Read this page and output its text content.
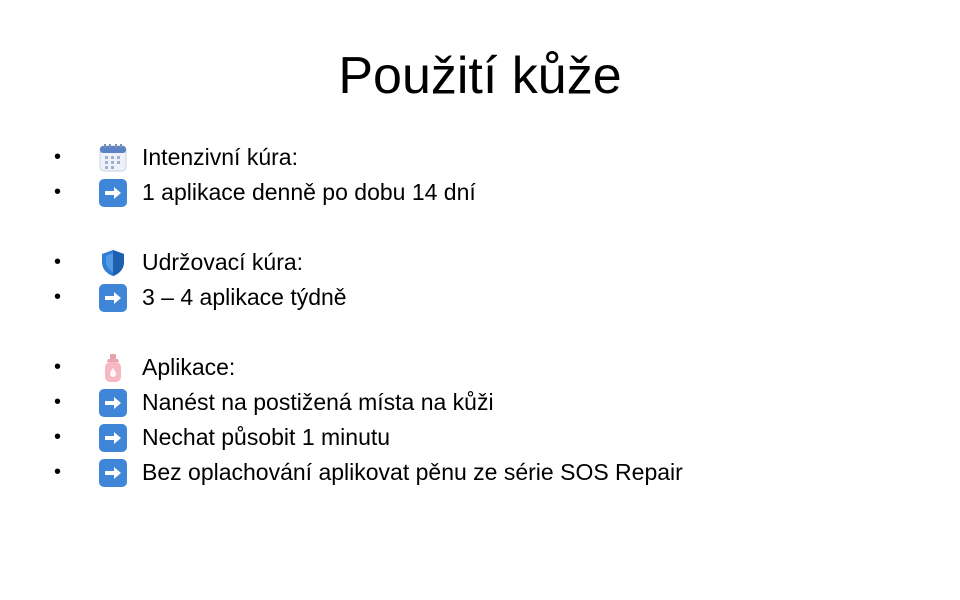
Použití kůže
•	Intenzivní kúra:
•	1 aplikace denně po dobu 14 dní
•	Udržovací kúra:
•	3 – 4 aplikace týdně
•	Aplikace:
•	Nanést na postižená místa na kůži
•	Nechat působit 1 minutu
•	Bez oplachování aplikovat pěnu ze série SOS Repair
